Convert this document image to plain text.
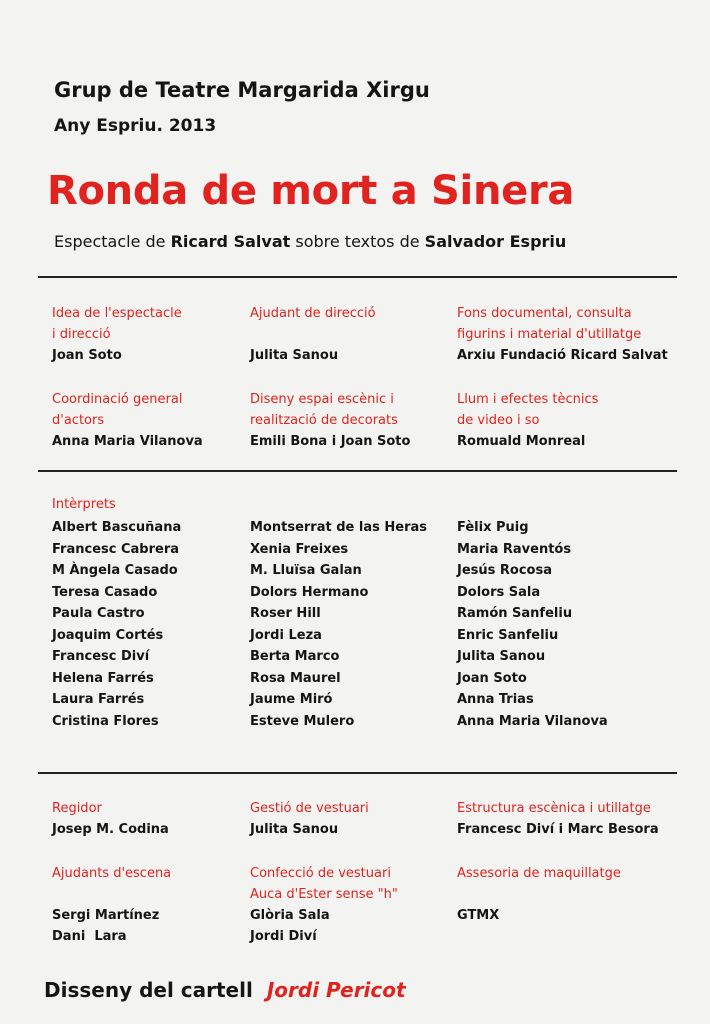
Grup de Teatre Margarida Xirgu
Any Espriu. 2013
Ronda de mort a Sinera
Espectacle de Ricard Salvat sobre textos de Salvador Espriu
Idea de l'espectacle
i direcció
Joan Soto
Ajudant de direcció

Julita Sanou
Fons documental, consulta
figurins i material d'utillatge
Arxiu Fundació Ricard Salvat
Coordinació general
d'actors
Anna Maria Vilanova
Diseny espai escènic i
realització de decorats
Emili Bona i Joan Soto
Llum i efectes tècnics
de video i so
Romuald Monreal
Intèrprets
Albert Bascuñana
Francesc Cabrera
M Àngela Casado
Teresa Casado
Paula Castro
Joaquim Cortés
Francesc Diví
Helena Farrés
Laura Farrés
Cristina Flores
Montserrat de las Heras
Xenia Freixes
M. Lluïsa Galan
Dolors Hermano
Roser Hill
Jordi Leza
Berta Marco
Rosa Maurel
Jaume Miró
Esteve Mulero
Fèlix Puig
Maria Raventós
Jesús Rocosa
Dolors Sala
Ramón Sanfeliu
Enric Sanfeliu
Julita Sanou
Joan Soto
Anna Trias
Anna Maria Vilanova
Regidor
Josep M. Codina
Gestió de vestuari
Julita Sanou
Estructura escènica i utillatge
Francesc Diví i Marc Besora
Ajudants d'escena

Sergi Martínez
Dani  Lara
Confecció de vestuari
Auca d'Ester sense "h"
Glòria Sala
Jordi Diví
Assesoria de maquillatge

GTMX
Disseny del cartell Jordi Pericot
